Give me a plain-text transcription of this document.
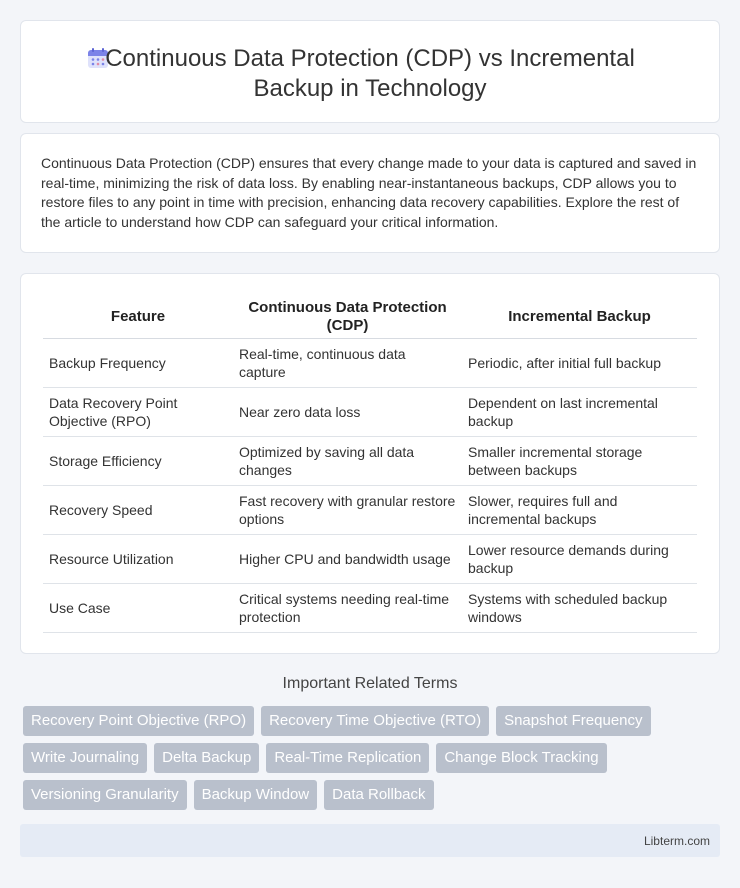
Continuous Data Protection (CDP) vs Incremental
Backup in Technology

Continuous Data Protection (CDP) ensures that every change made to your data is captured and saved in real-time, minimizing the risk of data loss. By enabling near-instantaneous backups, CDP allows you to restore files to any point in time with precision, enhancing data recovery capabilities. Explore the rest of the article to understand how CDP can safeguard your critical information.

Feature	Continuous Data Protection (CDP)	Incremental Backup
Backup Frequency	Real-time, continuous data capture	Periodic, after initial full backup
Data Recovery Point Objective (RPO)	Near zero data loss	Dependent on last incremental backup
Storage Efficiency	Optimized by saving all data changes	Smaller incremental storage between backups
Recovery Speed	Fast recovery with granular restore options	Slower, requires full and incremental backups
Resource Utilization	Higher CPU and bandwidth usage	Lower resource demands during backup
Use Case	Critical systems needing real-time protection	Systems with scheduled backup windows
Important Related Terms
Recovery Point Objective (RPO)	Recovery Time Objective (RTO)	Snapshot Frequency
Write Journaling	Delta Backup	Real-Time Replication	Change Block Tracking
Versioning Granularity	Backup Window	Data Rollback
Libterm.com
